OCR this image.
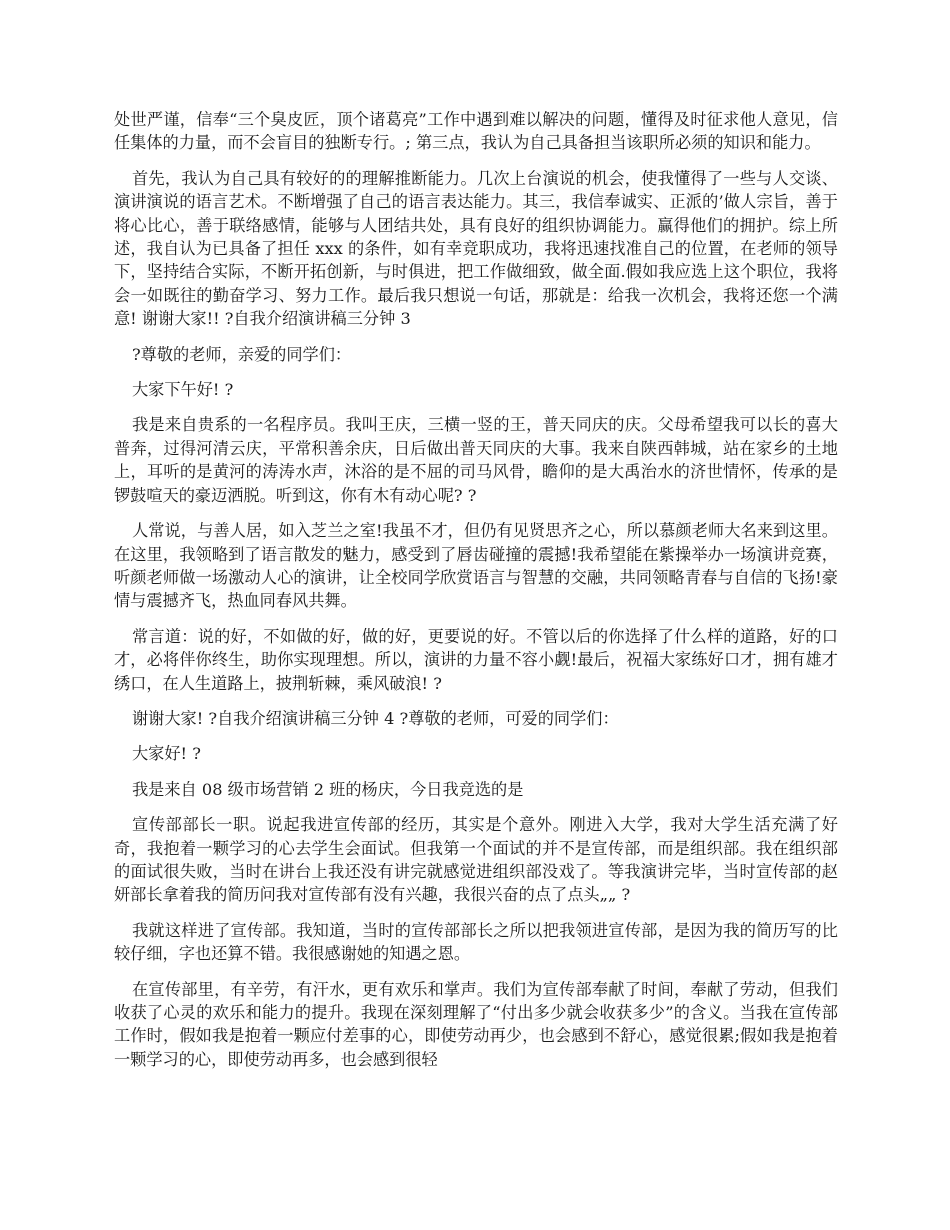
处世严谨，信奉“三个臭皮匠，顶个诸葛亮”工作中遇到难以解决的问题，懂得及时征求他人意见，信任集体的力量，而不会盲目的独断专行。; 第三点，我认为自己具备担当该职所必须的知识和能力。

首先，我认为自己具有较好的的理解推断能力。几次上台演说的机会，使我懂得了一些与人交谈、演讲演说的语言艺术。不断增强了自己的语言表达能力。其三，我信奉诚实、正派的’做人宗旨，善于将心比心，善于联络感情，能够与人团结共处，具有良好的组织协调能力。赢得他们的拥护。综上所述，我自认为已具备了担任 xxx 的条件，如有幸竞职成功，我将迅速找准自己的位置，在老师的领导下，坚持结合实际，不断开拓创新，与时俱进，把工作做细致，做全面.假如我应选上这个职位，我将会一如既往的勤奋学习、努力工作。最后我只想说一句话，那就是：给我一次机会，我将还您一个满意! 谢谢大家!! ?自我介绍演讲稿三分钟 3

?尊敬的老师，亲爱的同学们：

大家下午好! ?

我是来自贵系的一名程序员。我叫王庆，三横一竖的王，普天同庆的庆。父母希望我可以长的喜大普奔，过得河清云庆，平常积善余庆，日后做出普天同庆的大事。我来自陕西韩城，站在家乡的土地上，耳听的是黄河的涛涛水声，沐浴的是不屈的司马风骨，瞻仰的是大禹治水的济世情怀，传承的是锣鼓喧天的豪迈洒脱。听到这，你有木有动心呢? ?

人常说，与善人居，如入芝兰之室!我虽不才，但仍有见贤思齐之心，所以慕颜老师大名来到这里。在这里，我领略到了语言散发的魅力，感受到了唇齿碰撞的震撼!我希望能在紫操举办一场演讲竞赛，听颜老师做一场激动人心的演讲，让全校同学欣赏语言与智慧的交融，共同领略青春与自信的飞扬!豪情与震撼齐飞，热血同春风共舞。

常言道：说的好，不如做的好，做的好，更要说的好。不管以后的你选择了什么样的道路，好的口才，必将伴你终生，助你实现理想。所以，演讲的力量不容小觑!最后，祝福大家练好口才，拥有雄才绣口，在人生道路上，披荆斩棘，乘风破浪! ?

谢谢大家! ?自我介绍演讲稿三分钟 4 ?尊敬的老师，可爱的同学们：

大家好! ?

我是来自 08 级市场营销 2 班的杨庆，今日我竞选的是

宣传部部长一职。说起我进宣传部的经历，其实是个意外。刚进入大学，我对大学生活充满了好奇，我抱着一颗学习的心去学生会面试。但我第一个面试的并不是宣传部，而是组织部。我在组织部的面试很失败，当时在讲台上我还没有讲完就感觉进组织部没戏了。等我演讲完毕，当时宣传部的赵妍部长拿着我的简历问我对宣传部有没有兴趣，我很兴奋的点了点头„„ ?

我就这样进了宣传部。我知道，当时的宣传部部长之所以把我领进宣传部，是因为我的简历写的比较仔细，字也还算不错。我很感谢她的知遇之恩。

在宣传部里，有辛劳，有汗水，更有欢乐和掌声。我们为宣传部奉献了时间，奉献了劳动，但我们收获了心灵的欢乐和能力的提升。我现在深刻理解了“付出多少就会收获多少”的含义。当我在宣传部工作时，假如我是抱着一颗应付差事的心，即使劳动再少，也会感到不舒心，感觉很累;假如我是抱着一颗学习的心，即使劳动再多，也会感到很轻
